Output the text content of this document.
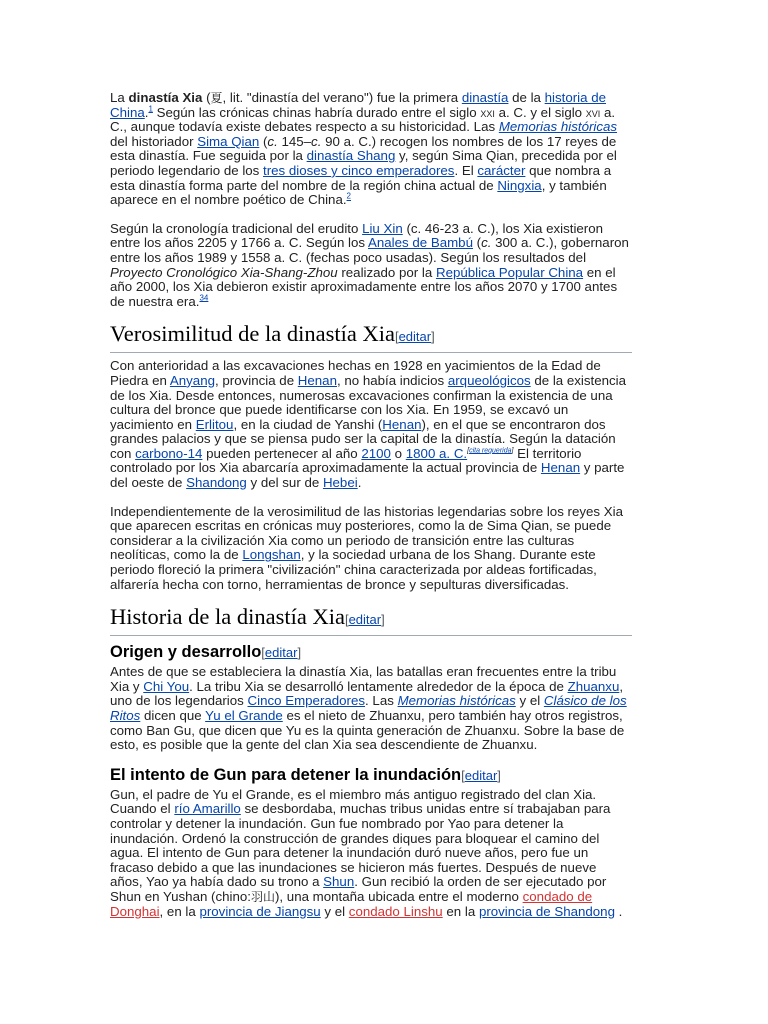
La dinastía Xia (夏, lit. "dinastía del verano") fue la primera dinastía de la historia de China.$^1$ Según las crónicas chinas habría durado entre el siglo xxi a. C. y el siglo xvi a. C., aunque todavía existe debates respecto a su historicidad. Las Memorias históricas del historiador Sima Qian (c. 145–c. 90 a. C.) recogen los nombres de los 17 reyes de esta dinastía. Fue seguida por la dinastía Shang y, según Sima Qian, precedida por el periodo legendario de los tres dioses y cinco emperadores. El carácter que nombra a esta dinastía forma parte del nombre de la región china actual de Ningxia, y también aparece en el nombre poético de China.$^2$

Según la cronología tradicional del erudito Liu Xin (c. 46-23 a. C.), los Xia existieron entre los años 2205 y 1766 a. C. Según los Anales de Bambú (c. 300 a. C.), gobernaron entre los años 1989 y 1558 a. C. (fechas poco usadas). Según los resultados del Proyecto Cronológico Xia-Shang-Zhou realizado por la República Popular China en el año 2000, los Xia debieron existir aproximadamente entre los años 2070 y 1700 antes de nuestra era.$^{34}$

Verosimilitud de la dinastía Xia[editar]

Con anterioridad a las excavaciones hechas en 1928 en yacimientos de la Edad de Piedra en Anyang, provincia de Henan, no había indicios arqueológicos de la existencia de los Xia. Desde entonces, numerosas excavaciones confirman la existencia de una cultura del bronce que puede identificarse con los Xia. En 1959, se excavó un yacimiento en Erlitou, en la ciudad de Yanshi (Henan), en el que se encontraron dos grandes palacios y que se piensa pudo ser la capital de la dinastía. Según la datación con carbono-14 pueden pertenecer al año 2100 o 1800 a. C.[cita requerida] El territorio controlado por los Xia abarcaría aproximadamente la actual provincia de Henan y parte del oeste de Shandong y del sur de Hebei.

Independientemente de la verosimilitud de las historias legendarias sobre los reyes Xia que aparecen escritas en crónicas muy posteriores, como la de Sima Qian, se puede considerar a la civilización Xia como un periodo de transición entre las culturas neolíticas, como la de Longshan, y la sociedad urbana de los Shang. Durante este periodo floreció la primera "civilización" china caracterizada por aldeas fortificadas, alfarería hecha con torno, herramientas de bronce y sepulturas diversificadas.

Historia de la dinastía Xia[editar]
Origen y desarrollo[editar]

Antes de que se estableciera la dinastía Xia, las batallas eran frecuentes entre la tribu Xia y Chi You. La tribu Xia se desarrolló lentamente alrededor de la época de Zhuanxu, uno de los legendarios Cinco Emperadores. Las Memorias históricas y el Clásico de los Ritos dicen que Yu el Grande es el nieto de Zhuanxu, pero también hay otros registros, como Ban Gu, que dicen que Yu es la quinta generación de Zhuanxu. Sobre la base de esto, es posible que la gente del clan Xia sea descendiente de Zhuanxu.

El intento de Gun para detener la inundación[editar]

Gun, el padre de Yu el Grande, es el miembro más antiguo registrado del clan Xia. Cuando el río Amarillo se desbordaba, muchas tribus unidas entre sí trabajaban para controlar y detener la inundación. Gun fue nombrado por Yao para detener la inundación. Ordenó la construcción de grandes diques para bloquear el camino del agua. El intento de Gun para detener la inundación duró nueve años, pero fue un fracaso debido a que las inundaciones se hicieron más fuertes. Después de nueve años, Yao ya había dado su trono a Shun. Gun recibió la orden de ser ejecutado por Shun en Yushan (chino:羽山), una montaña ubicada entre el moderno condado de Donghai, en la provincia de Jiangsu y el condado Linshu en la provincia de Shandong .
